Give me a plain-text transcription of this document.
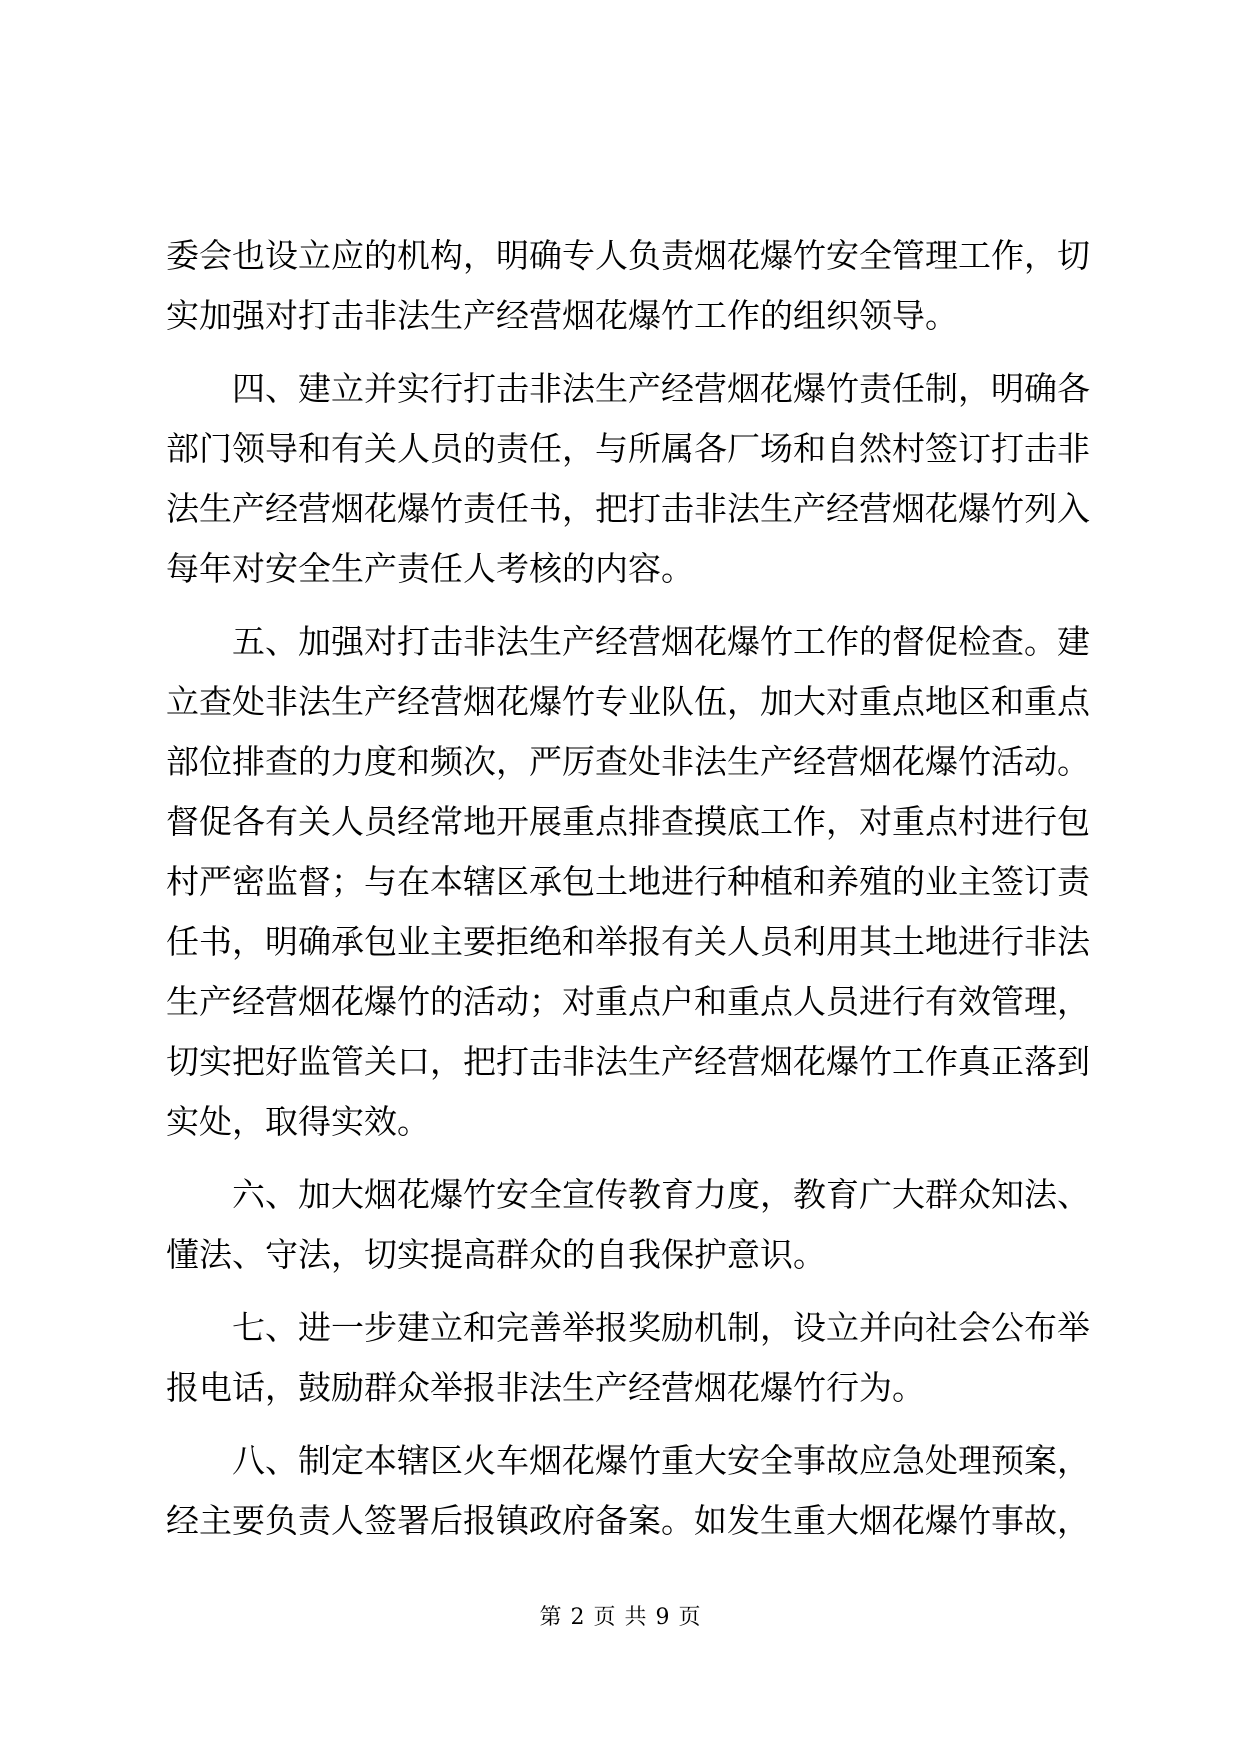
委会也设立应的机构，明确专人负责烟花爆竹安全管理工作，切
实加强对打击非法生产经营烟花爆竹工作的组织领导。
四、建立并实行打击非法生产经营烟花爆竹责任制，明确各
部门领导和有关人员的责任，与所属各厂场和自然村签订打击非
法生产经营烟花爆竹责任书，把打击非法生产经营烟花爆竹列入
每年对安全生产责任人考核的内容。
五、加强对打击非法生产经营烟花爆竹工作的督促检查。建
立查处非法生产经营烟花爆竹专业队伍，加大对重点地区和重点
部位排查的力度和频次，严厉查处非法生产经营烟花爆竹活动。
督促各有关人员经常地开展重点排查摸底工作，对重点村进行包
村严密监督；与在本辖区承包土地进行种植和养殖的业主签订责
任书，明确承包业主要拒绝和举报有关人员利用其土地进行非法
生产经营烟花爆竹的活动；对重点户和重点人员进行有效管理，
切实把好监管关口，把打击非法生产经营烟花爆竹工作真正落到
实处，取得实效。
六、加大烟花爆竹安全宣传教育力度，教育广大群众知法、
懂法、守法，切实提高群众的自我保护意识。
七、进一步建立和完善举报奖励机制，设立并向社会公布举
报电话，鼓励群众举报非法生产经营烟花爆竹行为。
八、制定本辖区火车烟花爆竹重大安全事故应急处理预案，
经主要负责人签署后报镇政府备案。如发生重大烟花爆竹事故，
第 2 页 共 9 页
